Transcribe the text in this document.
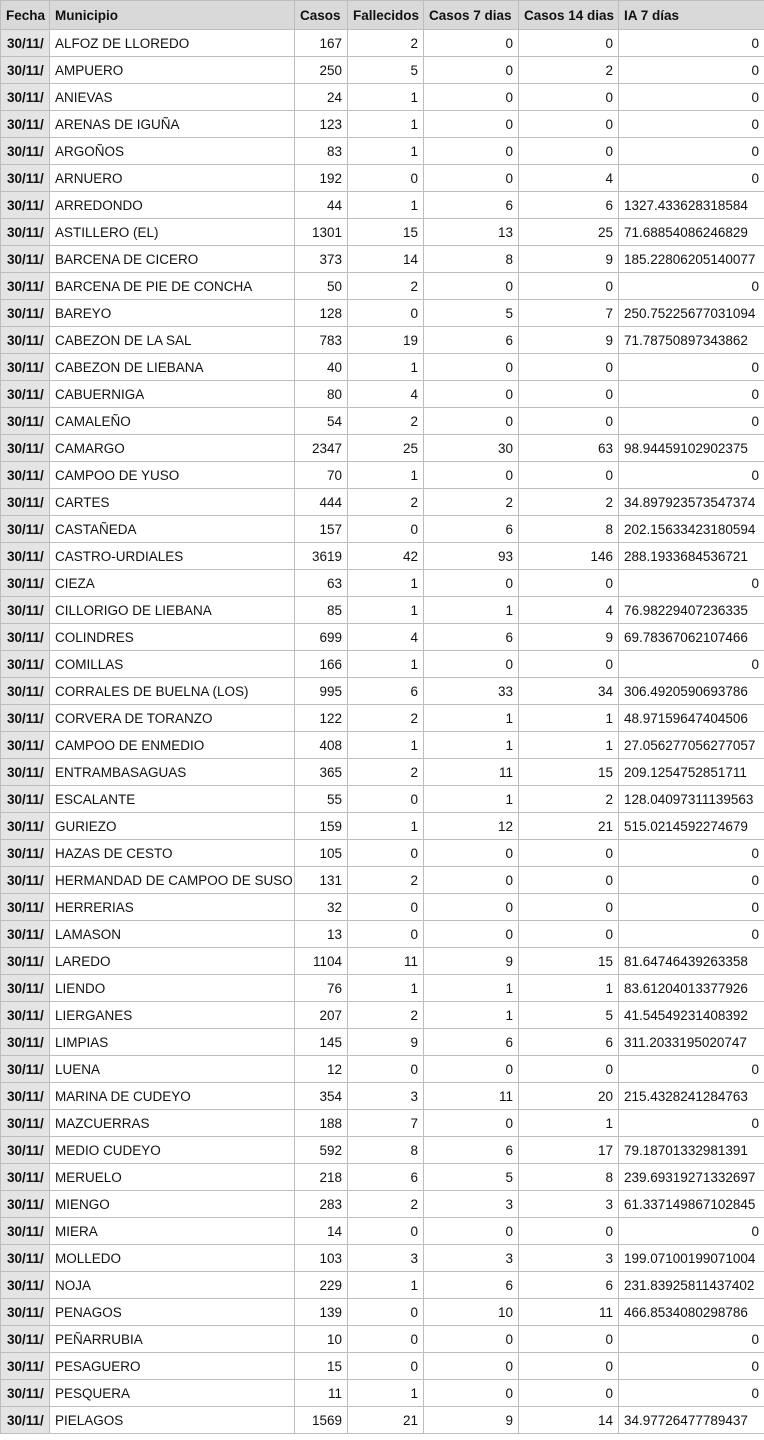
Fecha	Municipio	Casos	Fallecidos	Casos 7 dias	Casos 14 dias	IA 7 días
30/11/	ALFOZ DE LLOREDO	167	2	0	0	0
30/11/	AMPUERO	250	5	0	2	0
30/11/	ANIEVAS	24	1	0	0	0
30/11/	ARENAS DE IGUÑA	123	1	0	0	0
30/11/	ARGOÑOS	83	1	0	0	0
30/11/	ARNUERO	192	0	0	4	0
30/11/	ARREDONDO	44	1	6	6	1327.433628318584
30/11/	ASTILLERO (EL)	1301	15	13	25	71.68854086246829
30/11/	BARCENA DE CICERO	373	14	8	9	185.22806205140077
30/11/	BARCENA DE PIE DE CONCHA	50	2	0	0	0
30/11/	BAREYO	128	0	5	7	250.75225677031094
30/11/	CABEZON DE LA SAL	783	19	6	9	71.78750897343862
30/11/	CABEZON DE LIEBANA	40	1	0	0	0
30/11/	CABUERNIGA	80	4	0	0	0
30/11/	CAMALEÑO	54	2	0	0	0
30/11/	CAMARGO	2347	25	30	63	98.94459102902375
30/11/	CAMPOO DE YUSO	70	1	0	0	0
30/11/	CARTES	444	2	2	2	34.897923573547374
30/11/	CASTAÑEDA	157	0	6	8	202.15633423180594
30/11/	CASTRO-URDIALES	3619	42	93	146	288.1933684536721
30/11/	CIEZA	63	1	0	0	0
30/11/	CILLORIGO DE LIEBANA	85	1	1	4	76.98229407236335
30/11/	COLINDRES	699	4	6	9	69.78367062107466
30/11/	COMILLAS	166	1	0	0	0
30/11/	CORRALES DE BUELNA (LOS)	995	6	33	34	306.4920590693786
30/11/	CORVERA DE TORANZO	122	2	1	1	48.97159647404506
30/11/	CAMPOO DE ENMEDIO	408	1	1	1	27.056277056277057
30/11/	ENTRAMBASAGUAS	365	2	11	15	209.1254752851711
30/11/	ESCALANTE	55	0	1	2	128.04097311139563
30/11/	GURIEZO	159	1	12	21	515.0214592274679
30/11/	HAZAS DE CESTO	105	0	0	0	0
30/11/	HERMANDAD DE CAMPOO DE SUSO	131	2	0	0	0
30/11/	HERRERIAS	32	0	0	0	0
30/11/	LAMASON	13	0	0	0	0
30/11/	LAREDO	1104	11	9	15	81.64746439263358
30/11/	LIENDO	76	1	1	1	83.61204013377926
30/11/	LIERGANES	207	2	1	5	41.54549231408392
30/11/	LIMPIAS	145	9	6	6	311.2033195020747
30/11/	LUENA	12	0	0	0	0
30/11/	MARINA DE CUDEYO	354	3	11	20	215.4328241284763
30/11/	MAZCUERRAS	188	7	0	1	0
30/11/	MEDIO CUDEYO	592	8	6	17	79.18701332981391
30/11/	MERUELO	218	6	5	8	239.69319271332697
30/11/	MIENGO	283	2	3	3	61.337149867102845
30/11/	MIERA	14	0	0	0	0
30/11/	MOLLEDO	103	3	3	3	199.07100199071004
30/11/	NOJA	229	1	6	6	231.83925811437402
30/11/	PENAGOS	139	0	10	11	466.8534080298786
30/11/	PEÑARRUBIA	10	0	0	0	0
30/11/	PESAGUERO	15	0	0	0	0
30/11/	PESQUERA	11	1	0	0	0
30/11/	PIELAGOS	1569	21	9	14	34.97726477789437
